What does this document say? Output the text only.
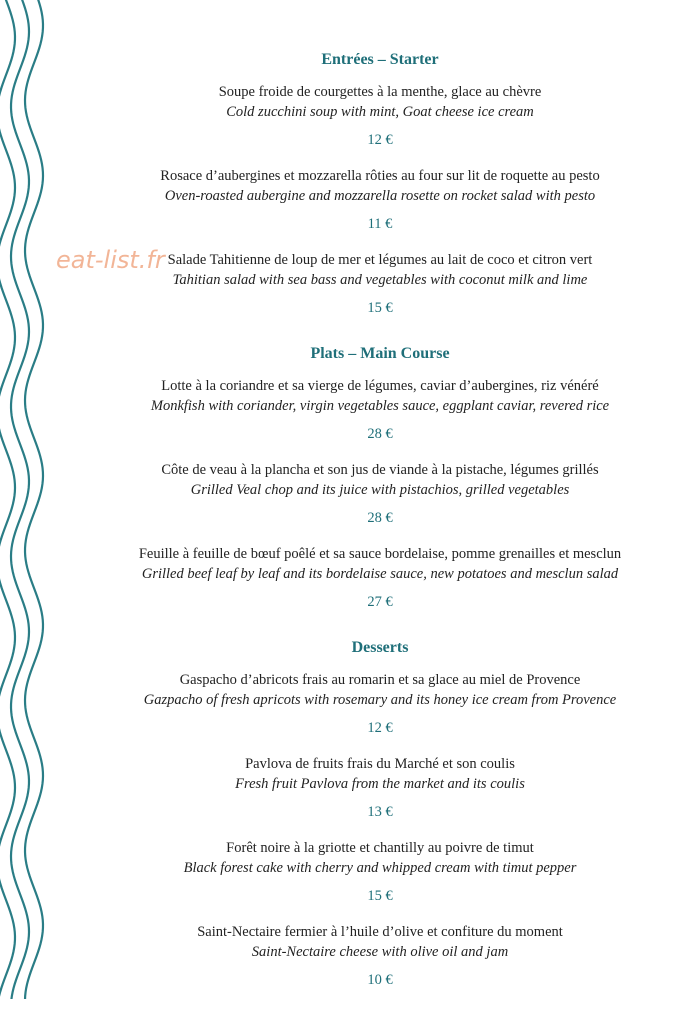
Entrées – Starter
Soupe froide de courgettes à la menthe, glace au chèvre
Cold zucchini soup with mint, Goat cheese ice cream
12 €
Rosace d’aubergines et mozzarella rôties au four sur lit de roquette au pesto
Oven-roasted aubergine and mozzarella rosette on rocket salad with pesto
11 €
Salade Tahitienne de loup de mer et légumes au lait de coco et citron vert
Tahitian salad with sea bass and vegetables with coconut milk and lime
15 €
Plats – Main Course
Lotte à la coriandre et sa vierge de légumes, caviar d’aubergines, riz vénéré
Monkfish with coriander, virgin vegetables sauce, eggplant caviar, revered rice
28 €
Côte de veau à la plancha et son jus de viande à la pistache, légumes grillés
Grilled Veal chop and its juice with pistachios, grilled vegetables
28 €
Feuille à feuille de bœuf poêlé et sa sauce bordelaise, pomme grenailles et mesclun
Grilled beef leaf by leaf and its bordelaise sauce, new potatoes and mesclun salad
27 €
Desserts
Gaspacho d’abricots frais au romarin et sa glace au miel de Provence
Gazpacho of fresh apricots with rosemary and its honey ice cream from Provence
12 €
Pavlova de fruits frais du Marché et son coulis
Fresh fruit Pavlova from the market and its coulis
13 €
Forêt noire à la griotte et chantilly au poivre de timut
Black forest cake with cherry and whipped cream with timut pepper
15 €
Saint-Nectaire fermier à l’huile d’olive et confiture du moment
Saint-Nectaire cheese with olive oil and jam
10 €
eat-list.fr
